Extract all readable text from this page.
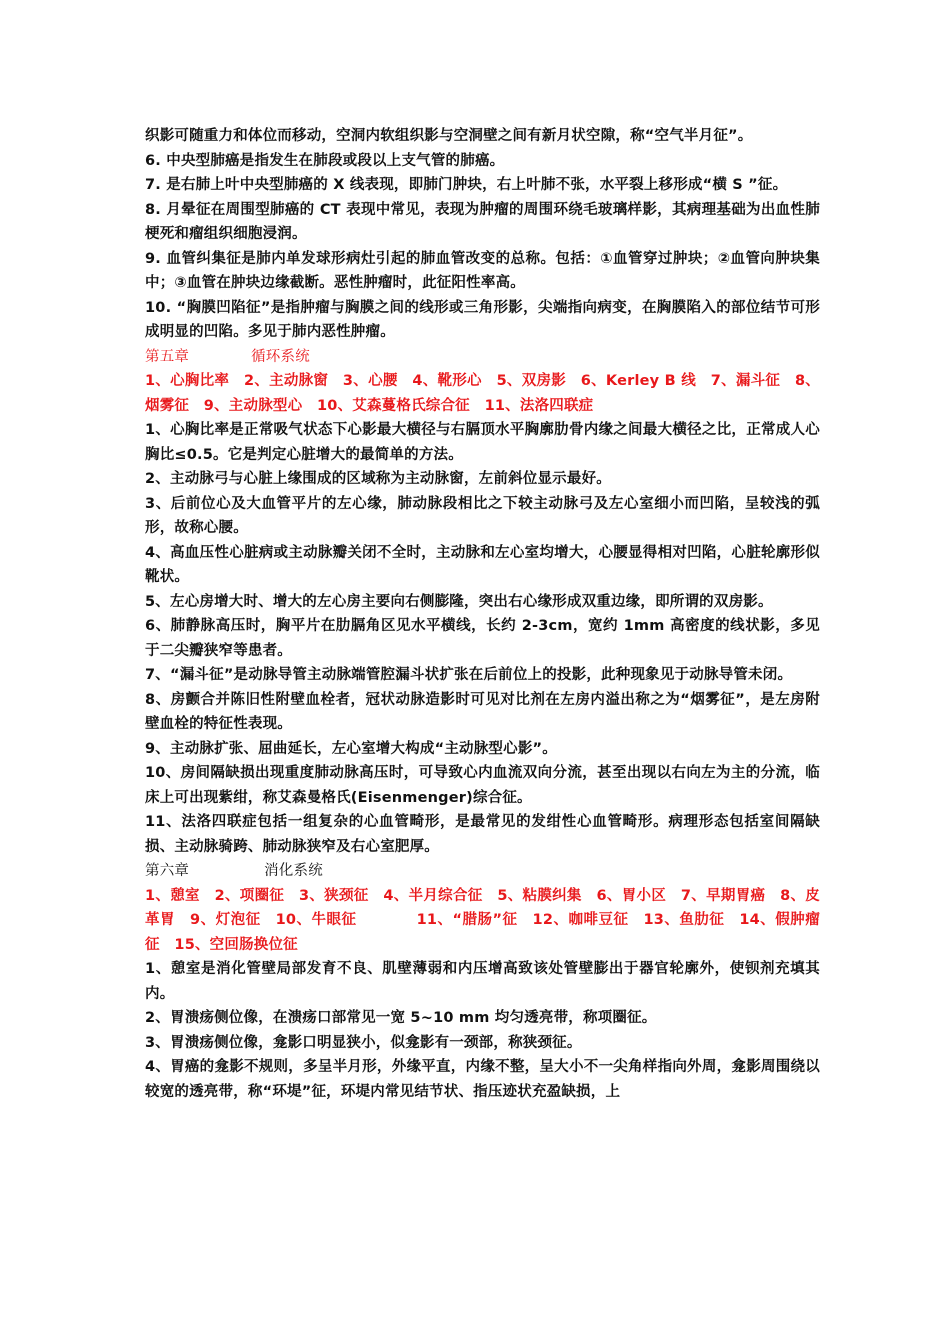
织影可随重力和体位而移动，空洞内软组织影与空洞壁之间有新月状空隙，称“空气半月征”。

6. 中央型肺癌是指发生在肺段或段以上支气管的肺癌。

7. 是右肺上叶中央型肺癌的 X 线表现，即肺门肿块，右上叶肺不张，水平裂上移形成“横 S ”征。

8. 月晕征在周围型肺癌的 CT 表现中常见，表现为肿瘤的周围环绕毛玻璃样影，其病理基础为出血性肺梗死和瘤组织细胞浸润。

9. 血管纠集征是肺内单发球形病灶引起的肺血管改变的总称。包括：①血管穿过肿块；②血管向肿块集中；③血管在肿块边缘截断。恶性肿瘤时，此征阳性率高。

10. “胸膜凹陷征”是指肿瘤与胸膜之间的线形或三角形影，尖端指向病变，在胸膜陷入的部位结节可形成明显的凹陷。多见于肺内恶性肿瘤。

第五章	循环系统

1、心胸比率　2、主动脉窗　3、心腰　4、靴形心　5、双房影　6、Kerley B 线　7、漏斗征　8、烟雾征　9、主动脉型心　10、艾森蔓格氏综合征　11、法洛四联症

1、心胸比率是正常吸气状态下心影最大横径与右膈顶水平胸廓肋骨内缘之间最大横径之比，正常成人心胸比≤0.5。它是判定心脏增大的最简单的方法。

2、主动脉弓与心脏上缘围成的区域称为主动脉窗，左前斜位显示最好。

3、后前位心及大血管平片的左心缘，肺动脉段相比之下较主动脉弓及左心室细小而凹陷，呈较浅的弧形，故称心腰。

4、高血压性心脏病或主动脉瓣关闭不全时，主动脉和左心室均增大，心腰显得相对凹陷，心脏轮廓形似靴状。

5、左心房增大时、增大的左心房主要向右侧膨隆，突出右心缘形成双重边缘，即所谓的双房影。

6、肺静脉高压时，胸平片在肋膈角区见水平横线，长约 2-3cm，宽约 1mm 高密度的线状影，多见于二尖瓣狭窄等患者。

7、“漏斗征”是动脉导管主动脉端管腔漏斗状扩张在后前位上的投影，此种现象见于动脉导管未闭。

8、房颤合并陈旧性附壁血栓者，冠状动脉造影时可见对比剂在左房内溢出称之为“烟雾征”，是左房附壁血栓的特征性表现。

9、主动脉扩张、屈曲延长，左心室增大构成“主动脉型心影”。

10、房间隔缺损出现重度肺动脉高压时，可导致心内血流双向分流，甚至出现以右向左为主的分流，临床上可出现紫绀，称艾森曼格氏(Eisenmenger)综合征。

11、法洛四联症包括一组复杂的心血管畸形，是最常见的发绀性心血管畸形。病理形态包括室间隔缺损、主动脉骑跨、肺动脉狭窄及右心室肥厚。

第六章	消化系统

1、憩室　2、项圈征　3、狭颈征　4、半月综合征　5、粘膜纠集　6、胃小区　7、早期胃癌　8、皮革胃　9、灯泡征　10、牛眼征　　　　11、“腊肠”征　12、咖啡豆征　13、鱼肋征　14、假肿瘤征　15、空回肠换位征

1、憩室是消化管壁局部发育不良、肌壁薄弱和内压增高致该处管壁膨出于器官轮廓外，使钡剂充填其内。

2、胃溃疡侧位像，在溃疡口部常见一宽 5~10 mm 均匀透亮带，称项圈征。

3、胃溃疡侧位像，龛影口明显狭小，似龛影有一颈部，称狭颈征。

4、胃癌的龛影不规则，多呈半月形，外缘平直，内缘不整，呈大小不一尖角样指向外周，龛影周围绕以较宽的透亮带，称“环堤”征，环堤内常见结节状、指压迹状充盈缺损，上
